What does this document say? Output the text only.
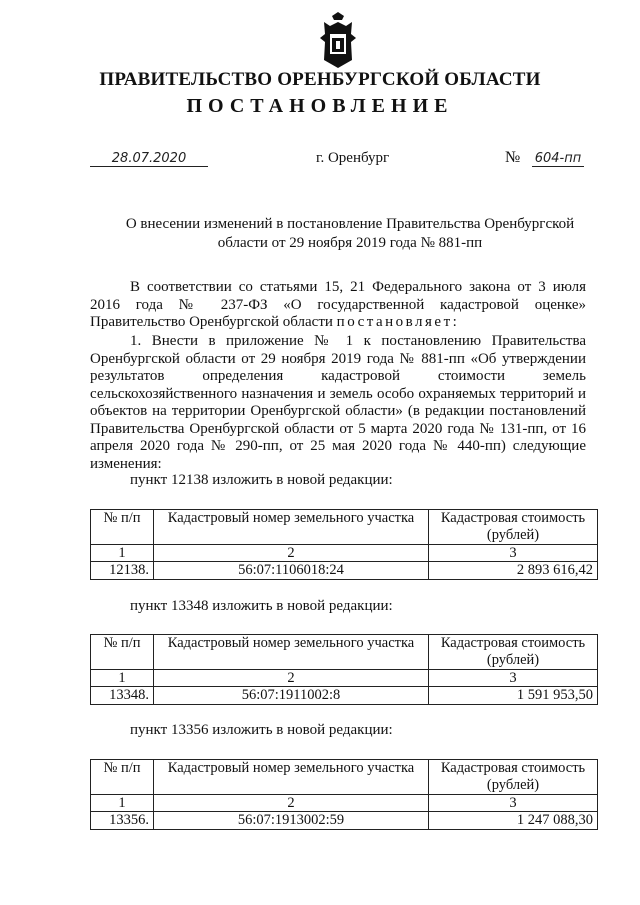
ПРАВИТЕЛЬСТВО ОРЕНБУРГСКОЙ ОБЛАСТИ
ПОСТАНОВЛЕНИЕ
28.07.2020	г. Оренбург	№ 604-пп
О внесении изменений в постановление Правительства Оренбургской области от 29 ноября 2019 года № 881-пп
В соответствии со статьями 15, 21 Федерального закона от 3 июля 2016 года № 237-ФЗ «О государственной кадастровой оценке» Правительство Оренбургской области постановляет:
1. Внести в приложение № 1 к постановлению Правительства Оренбургской области от 29 ноября 2019 года № 881-пп «Об утверждении результатов определения кадастровой стоимости земель сельскохозяйственного назначения и земель особо охраняемых территорий и объектов на территории Оренбургской области» (в редакции постановлений Правительства Оренбургской области от 5 марта 2020 года № 131-пп, от 16 апреля 2020 года № 290-пп, от 25 мая 2020 года № 440-пп) следующие изменения:
пункт 12138 изложить в новой редакции:
№ п/п	Кадастровый номер земельного участка	Кадастровая стоимость (рублей)
1	2	3
12138.	56:07:1106018:24	2 893 616,42
пункт 13348 изложить в новой редакции:
№ п/п	Кадастровый номер земельного участка	Кадастровая стоимость (рублей)
1	2	3
13348.	56:07:1911002:8	1 591 953,50
пункт 13356 изложить в новой редакции:
№ п/п	Кадастровый номер земельного участка	Кадастровая стоимость (рублей)
1	2	3
13356.	56:07:1913002:59	1 247 088,30
